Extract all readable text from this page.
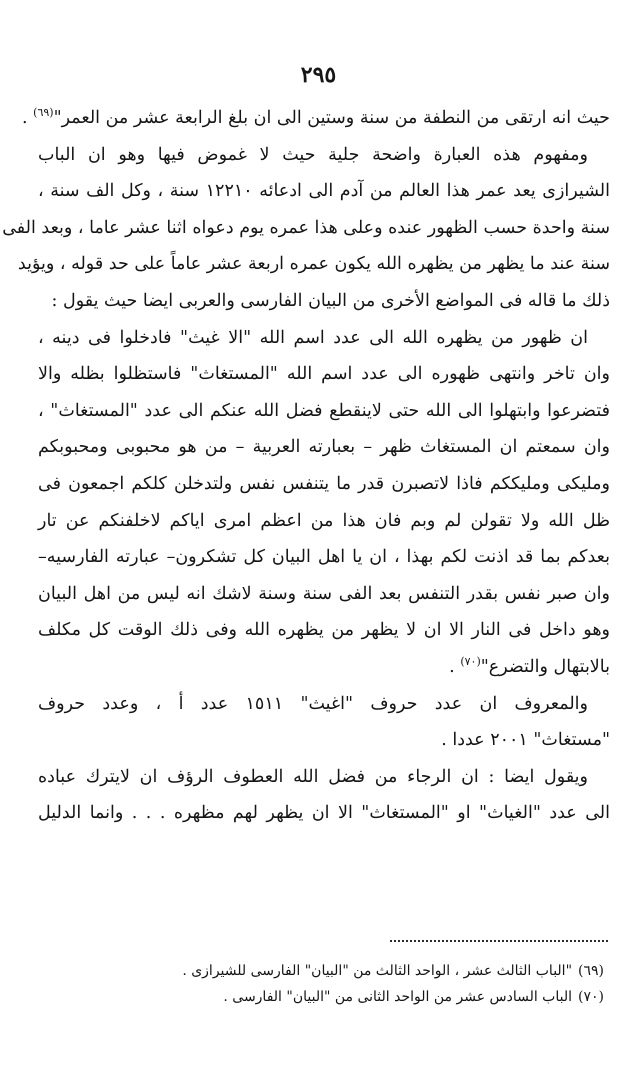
٢٩٥
حيث انه ارتقى من النطفة من سنة وستين الى ان بلغ الرابعة عشر من العمر"$^{(٦٩)}$ .
ومفهوم هذه العبارة واضحة جلية حيث لا غموض فيها وهو ان الباب
الشيرازى يعد عمر هذا العالم من آدم الى ادعائه ١٢٢١٠ سنة ، وكل الف سنة ،
سنة واحدة حسب الظهور عنده وعلى هذا عمره يوم دعواه اثنا عشر عاما ، وبعد الفى
سنة عند ما يظهر من يظهره الله يكون عمره اربعة عشر عاماً على حد قوله ، ويؤيد
ذلك ما قاله فى المواضع الأخرى من البيان الفارسى والعربى ايضا حيث يقول :
ان ظهور من يظهره الله الى عدد اسم الله "الا غيث" فادخلوا فى دينه ،
وان تاخر وانتهى ظهوره الى عدد اسم الله "المستغاث" فاستظلوا بظله والا
فتضرعوا وابتهلوا الى الله حتى لاينقطع فضل الله عنكم الى عدد "المستغاث" ،
وان سمعتم ان المستغاث ظهر – بعبارته العربية – من هو محبوبى ومحبوبكم
ومليكى ومليككم فاذا لاتصبرن قدر ما يتنفس نفس ولتدخلن كلكم اجمعون فى
ظل الله ولا تقولن لم وبم فان هذا من اعظم امرى اياكم لاخلفنكم عن تار
بعدكم بما قد اذنت لكم بهذا ، ان يا اهل البيان كل تشكرون– عبارته الفارسيه–
وان صبر نفس بقدر التنفس بعد الفى سنة وسنة لاشك انه ليس من اهل البيان
وهو داخل فى النار الا ان لا يظهر من يظهره الله وفى ذلك الوقت كل مكلف
بالابتهال والتضرع"$^{(٧٠)}$ .
والمعروف ان عدد حروف "اغيث" ١٥١١ عدد أ ، وعدد حروف
"مستغاث" ٢٠٠١ عددا .
ويقول ايضا : ان الرجاء من فضل الله العطوف الرؤف ان لايترك عباده
الى عدد "الغياث" او "المستغاث" الا ان يظهر لهم مظهره . . . وانما الدليل
(٦٩)"الباب الثالث عشر ، الواحد الثالث من "البيان" الفارسى للشيرازى .
(٧٠)الباب السادس عشر من الواحد الثانى من "البيان" الفارسى .
